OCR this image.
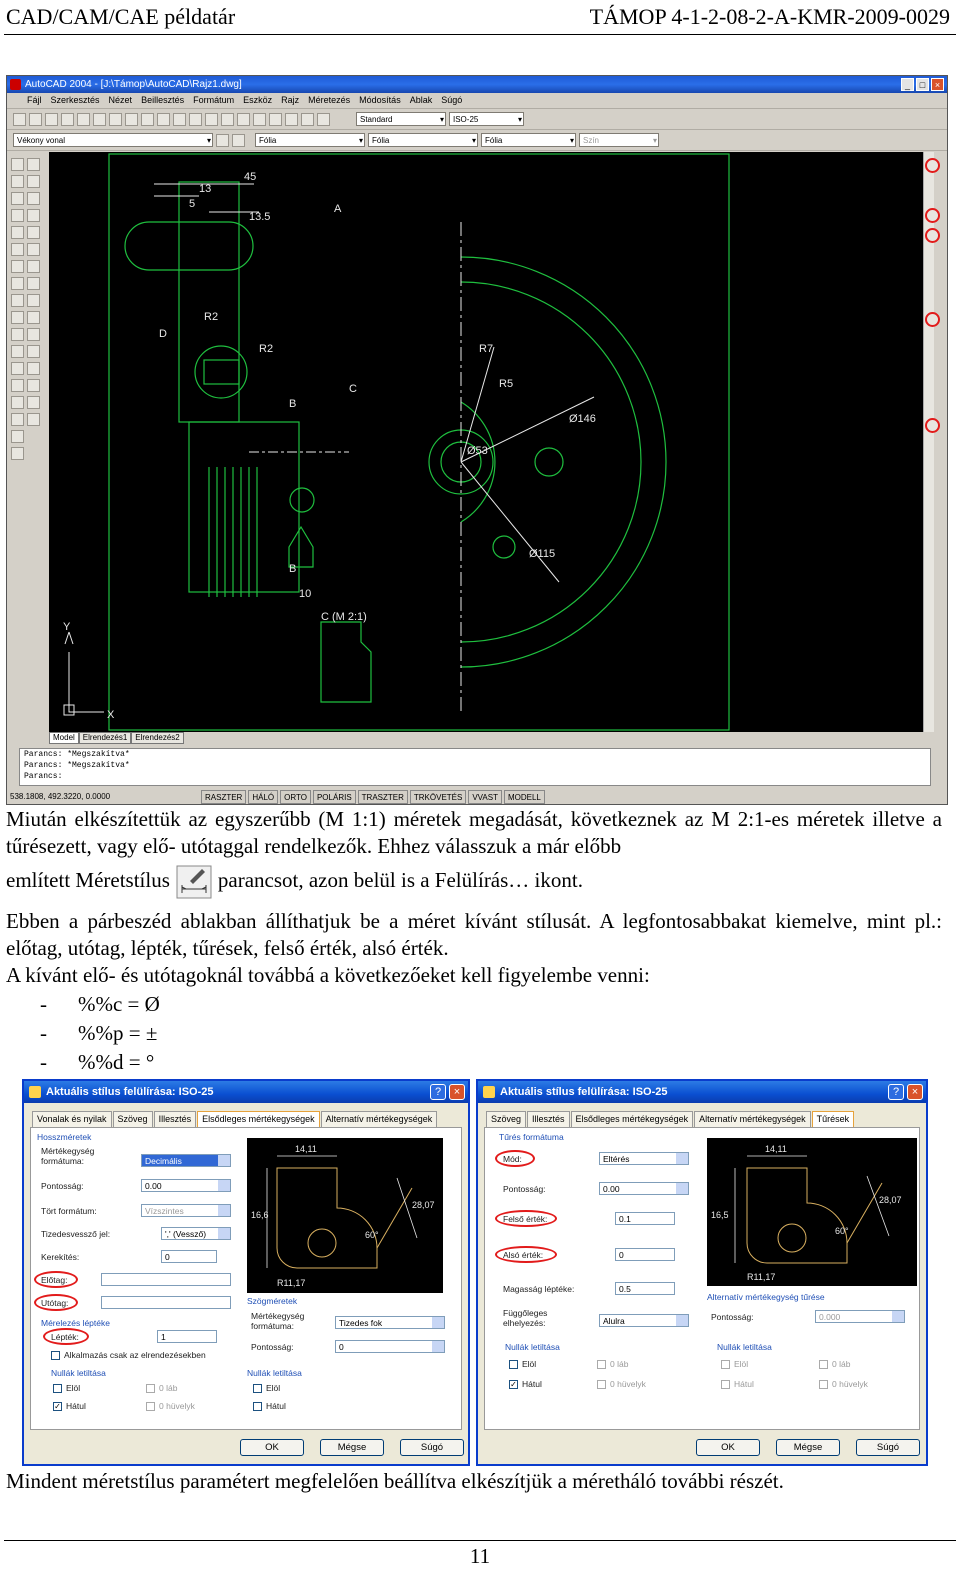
CAD/CAM/CAE példatár	TÁMOP 4-1-2-08-2-A-KMR-2009-0029
AutoCAD 2004 - [J:\Támop\AutoCAD\Rajz1.dwg]	_	□	×
Fájl Szerkesztés Nézet Beillesztés Formátum Eszköz Rajz Méretezés Módosítás Ablak Súgó
Standard ▾	ISO-25 ▾
Vékony vonal ▾	Fólia ▾	Fólia ▾	Fólia ▾	Szín ▾
45
13
5
13.5
A
D
R2
R2
B
C
B
10
C (M 2:1)
R7
R5
Ø146
Ø53
Ø115
Y
X
Model	Elrendezés1	Elrendezés2
Parancs: *Megszakítva*
Parancs: *Megszakítva*
Parancs:
538.1808, 492.3220, 0.0000	RASZTER	HÁLÓ	ORTO	POLÁRIS	TRASZTER	TRKÖVETÉS	VVAST	MODELL
Miután elkészítettük az egyszerűbb (M 1:1) méretek megadását, következnek az M 2:1-es méretek illetve a tűrésezett, vagy elő- utótaggal rendelkezők. Ehhez válasszuk a már előbb
említett Méretstílus parancsot, azon belül is a Felülírás… ikont.
Ebben a párbeszéd ablakban állíthatjuk be a méret kívánt stílusát. A legfontosabbakat kiemelve, mint pl.: előtag, utótag, lépték, tűrések, felső érték, alsó érték.
A kívánt elő- és utótagoknál továbbá a következőeket kell figyelembe venni:
- %%c = Ø
- %%p = ±
- %%d = °
Aktuális stílus felülírása: ISO-25	?	×
Vonalak és nyilak	Szöveg	Illesztés	Elsődleges mértékegységek	Alternatív mértékegységek
Hosszméretek
Mértékegység formátuma:	Decimális
Pontosság:	0.00
Tört formátum:	Vízszintes
Tizedesvessző jel:	',' (Vessző)
Kerekítés:	0
Előtag:
Utótag:
Mérelezés léptéke
Lépték:	1
Alkalmazás csak az elrendezésekben
Nullák letiltása
Elöl
✓ Hátul
0 láb
0 hüvelyk
14,11
16,6
28,07
60°
R11,17
Szögméretek
Mértékegység formátuma:	Tizedes fok
Pontosság:	0
Nullák letiltása
Elöl
Hátul
OK	Mégse	Súgó
Aktuális stílus felülírása: ISO-25	?	×
Szöveg	Illesztés	Elsődleges mértékegységek	Alternatív mértékegységek	Tűrések
Tűrés formátuma
Mód:	Eltérés
Pontosság:	0.00
Felső érték:	0.1
Alsó érték:	0
Magasság léptéke:	0.5
Függőleges elhelyezés:	Alulra
Nullák letiltása
Elöl
✓ Hátul
0 láb
0 hüvelyk
14,11
16,5
28,07
60°
R11,17
Alternatív mértékegység tűrése
Pontosság:	0.000
Nullák letiltása
Elöl
Hátul
0 láb
0 hüvelyk
OK	Mégse	Súgó
Mindent méretstílus paramétert megfelelően beállítva elkészítjük a méretháló további részét.
11
